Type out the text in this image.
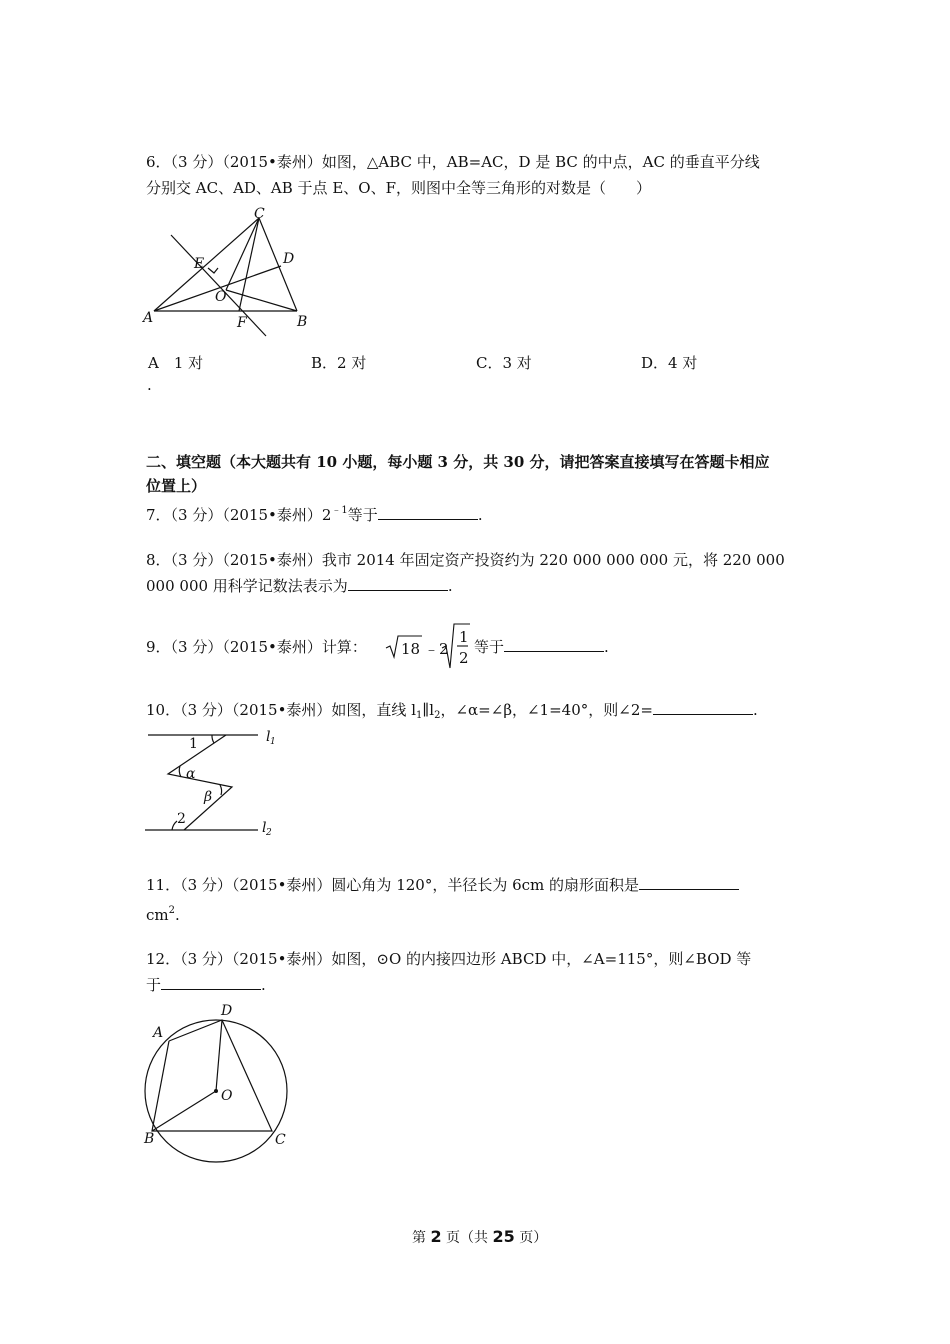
6．（3 分）（2015•泰州）如图，△ABC 中，AB=AC，D 是 BC 的中点，AC 的垂直平分线
分别交 AC、AD、AB 于点 E、O、F，则图中全等三角形的对数是（　　）
C
E	D
O
A	F	B
A　1 对	B．2 对	C．3 对	D．4 对
.
二、填空题（本大题共有 10 小题，每小题 3 分，共 30 分，请把答案直接填写在答题卡相应
位置上）
7．（3 分）（2015•泰州）$2^{﹣1}$等于	.
8．（3 分）（2015•泰州）我市 2014 年固定资产投资约为 220 000 000 000 元，将 220 000
000 000 用科学记数法表示为	.
9．（3 分）（2015•泰州）计算： 18 ﹣2
1
2
等于	.
10．（3 分）（2015•泰州）如图，直线 $l_1\parallel l_2$，∠α=∠β，∠1=40°，则∠2=	.
l 1
l 2
1
α
β
2
11．（3 分）（2015•泰州）圆心角为 120°，半径长为 6cm 的扇形面积是
$cm^2$.
12．（3 分）（2015•泰州）如图，⊙O 的内接四边形 ABCD 中，∠A=115°，则∠BOD 等
于	.
A
D
O
B	C
第 2 页（共 25 页）
